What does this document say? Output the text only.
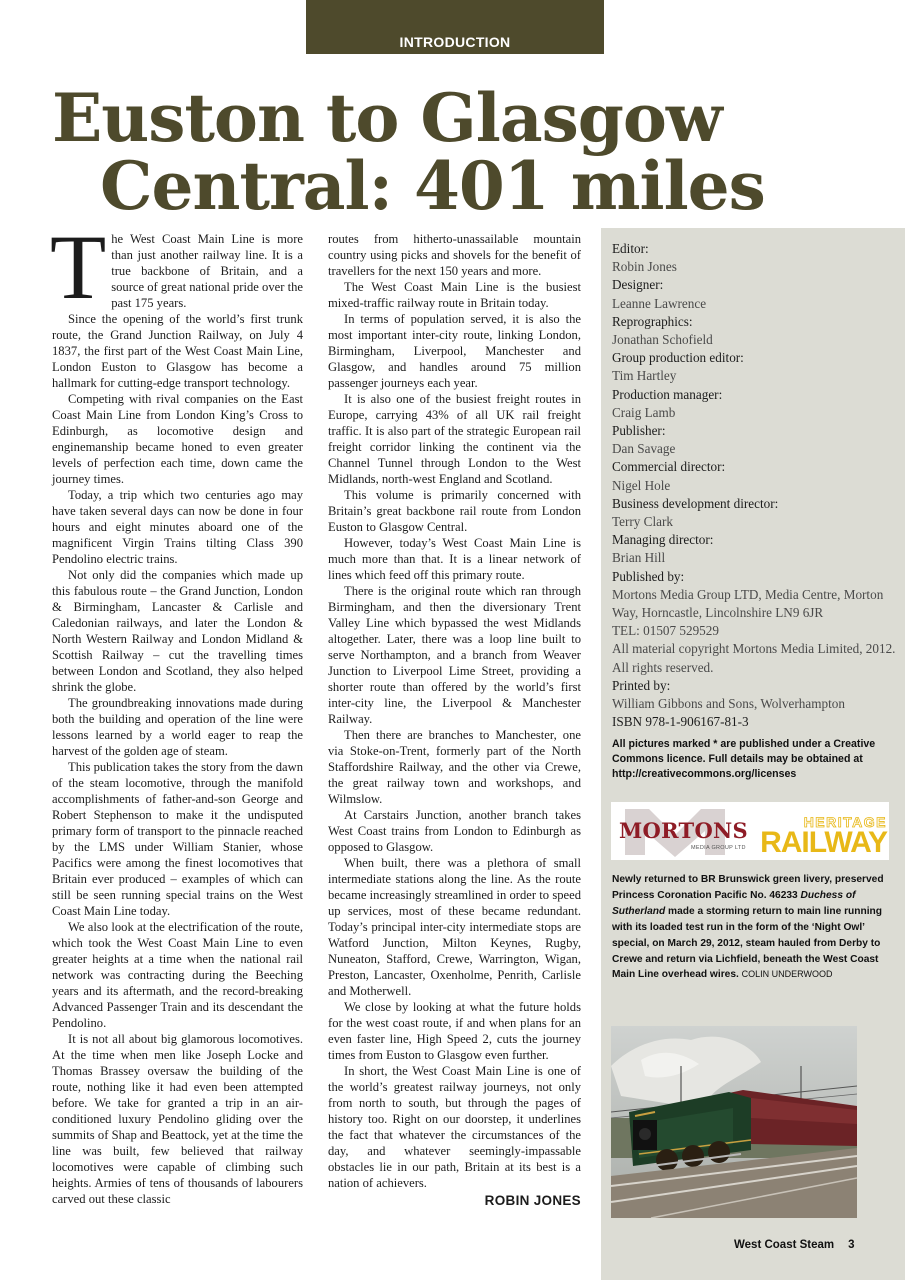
INTRODUCTION
Euston to Glasgow
Central: 401 miles

The West Coast Main Line is more than just another railway line. It is a true backbone of Britain, and a source of great national pride over the past 175 years.

Since the opening of the world’s first trunk route, the Grand Junction Railway, on July 4 1837, the first part of the West Coast Main Line, London Euston to Glasgow has become a hallmark for cutting-edge transport technology.

Competing with rival companies on the East Coast Main Line from London King’s Cross to Edinburgh, as locomotive design and enginemanship became honed to even greater levels of perfection each time, down came the journey times.

Today, a trip which two centuries ago may have taken several days can now be done in four hours and eight minutes aboard one of the magnificent Virgin Trains tilting Class 390 Pendolino electric trains.

Not only did the companies which made up this fabulous route – the Grand Junction, London & Birmingham, Lancaster & Carlisle and Caledonian railways, and later the London & North Western Railway and London Midland & Scottish Railway – cut the travelling times between London and Scotland, they also helped shrink the globe.

The groundbreaking innovations made during both the building and operation of the line were lessons learned by a world eager to reap the harvest of the golden age of steam.

This publication takes the story from the dawn of the steam locomotive, through the manifold accomplishments of father-and-son George and Robert Stephenson to make it the undisputed primary form of transport to the pinnacle reached by the LMS under William Stanier, whose Pacifics were among the finest locomotives that Britain ever produced – examples of which can still be seen running special trains on the West Coast Main Line today.

We also look at the electrification of the route, which took the West Coast Main Line to even greater heights at a time when the national rail network was contracting during the Beeching years and its aftermath, and the record-breaking Advanced Passenger Train and its descendant the Pendolino.

It is not all about big glamorous locomotives. At the time when men like Joseph Locke and Thomas Brassey oversaw the building of the route, nothing like it had even been attempted before. We take for granted a trip in an air-conditioned luxury Pendolino gliding over the summits of Shap and Beattock, yet at the time the line was built, few believed that railway locomotives were capable of climbing such heights. Armies of tens of thousands of labourers carved out these classic

routes from hitherto-unassailable mountain country using picks and shovels for the benefit of travellers for the next 150 years and more.

The West Coast Main Line is the busiest mixed-traffic railway route in Britain today.

In terms of population served, it is also the most important inter-city route, linking London, Birmingham, Liverpool, Manchester and Glasgow, and handles around 75 million passenger journeys each year.

It is also one of the busiest freight routes in Europe, carrying 43% of all UK rail freight traffic. It is also part of the strategic European rail freight corridor linking the continent via the Channel Tunnel through London to the West Midlands, north-west England and Scotland.

This volume is primarily concerned with Britain’s great backbone rail route from London Euston to Glasgow Central.

However, today’s West Coast Main Line is much more than that. It is a linear network of lines which feed off this primary route.

There is the original route which ran through Birmingham, and then the diversionary Trent Valley Line which bypassed the west Midlands altogether. Later, there was a loop line built to serve Northampton, and a branch from Weaver Junction to Liverpool Lime Street, providing a shorter route than offered by the world’s first inter-city line, the Liverpool & Manchester Railway.

Then there are branches to Manchester, one via Stoke-on-Trent, formerly part of the North Staffordshire Railway, and the other via Crewe, the great railway town and workshops, and Wilmslow.

At Carstairs Junction, another branch takes West Coast trains from London to Edinburgh as opposed to Glasgow.

When built, there was a plethora of small intermediate stations along the line. As the route became increasingly streamlined in order to speed up services, most of these became redundant. Today’s principal inter-city intermediate stops are Watford Junction, Milton Keynes, Rugby, Nuneaton, Stafford, Crewe, Warrington, Wigan, Preston, Lancaster, Oxenholme, Penrith, Carlisle and Motherwell.

We close by looking at what the future holds for the west coast route, if and when plans for an even faster line, High Speed 2, cuts the journey times from Euston to Glasgow even further.

In short, the West Coast Main Line is one of the world’s greatest railway journeys, not only from north to south, but through the pages of history too. Right on our doorstep, it underlines the fact that whatever the circumstances of the day, and whatever seemingly-impassable obstacles lie in our path, Britain at its best is a nation of achievers.

ROBIN JONES
Editor:
Robin Jones
Designer:
Leanne Lawrence
Reprographics:
Jonathan Schofield
Group production editor:
Tim Hartley
Production manager:
Craig Lamb
Publisher:
Dan Savage
Commercial director:
Nigel Hole
Business development director:
Terry Clark
Managing director:
Brian Hill
Published by:
Mortons Media Group LTD, Media Centre, Morton Way, Horncastle, Lincolnshire LN9 6JR
TEL: 01507 529529
All material copyright Mortons Media Limited, 2012. All rights reserved.
Printed by:
William Gibbons and Sons, Wolverhampton
ISBN 978-1-906167-81-3
All pictures marked * are published under a Creative Commons licence. Full details may be obtained at http://creativecommons.org/licenses
MORTONS
MEDIA GROUP LTD
HERITAGE
RAILWAY
Newly returned to BR Brunswick green livery, preserved Princess Coronation Pacific No. 46233 Duchess of Sutherland made a storming return to main line running with its loaded test run in the form of the ‘Night Owl’ special, on March 29, 2012, steam hauled from Derby to Crewe and return via Lichfield, beneath the West Coast Main Line overhead wires. COLIN UNDERWOOD
West Coast Steam 3
